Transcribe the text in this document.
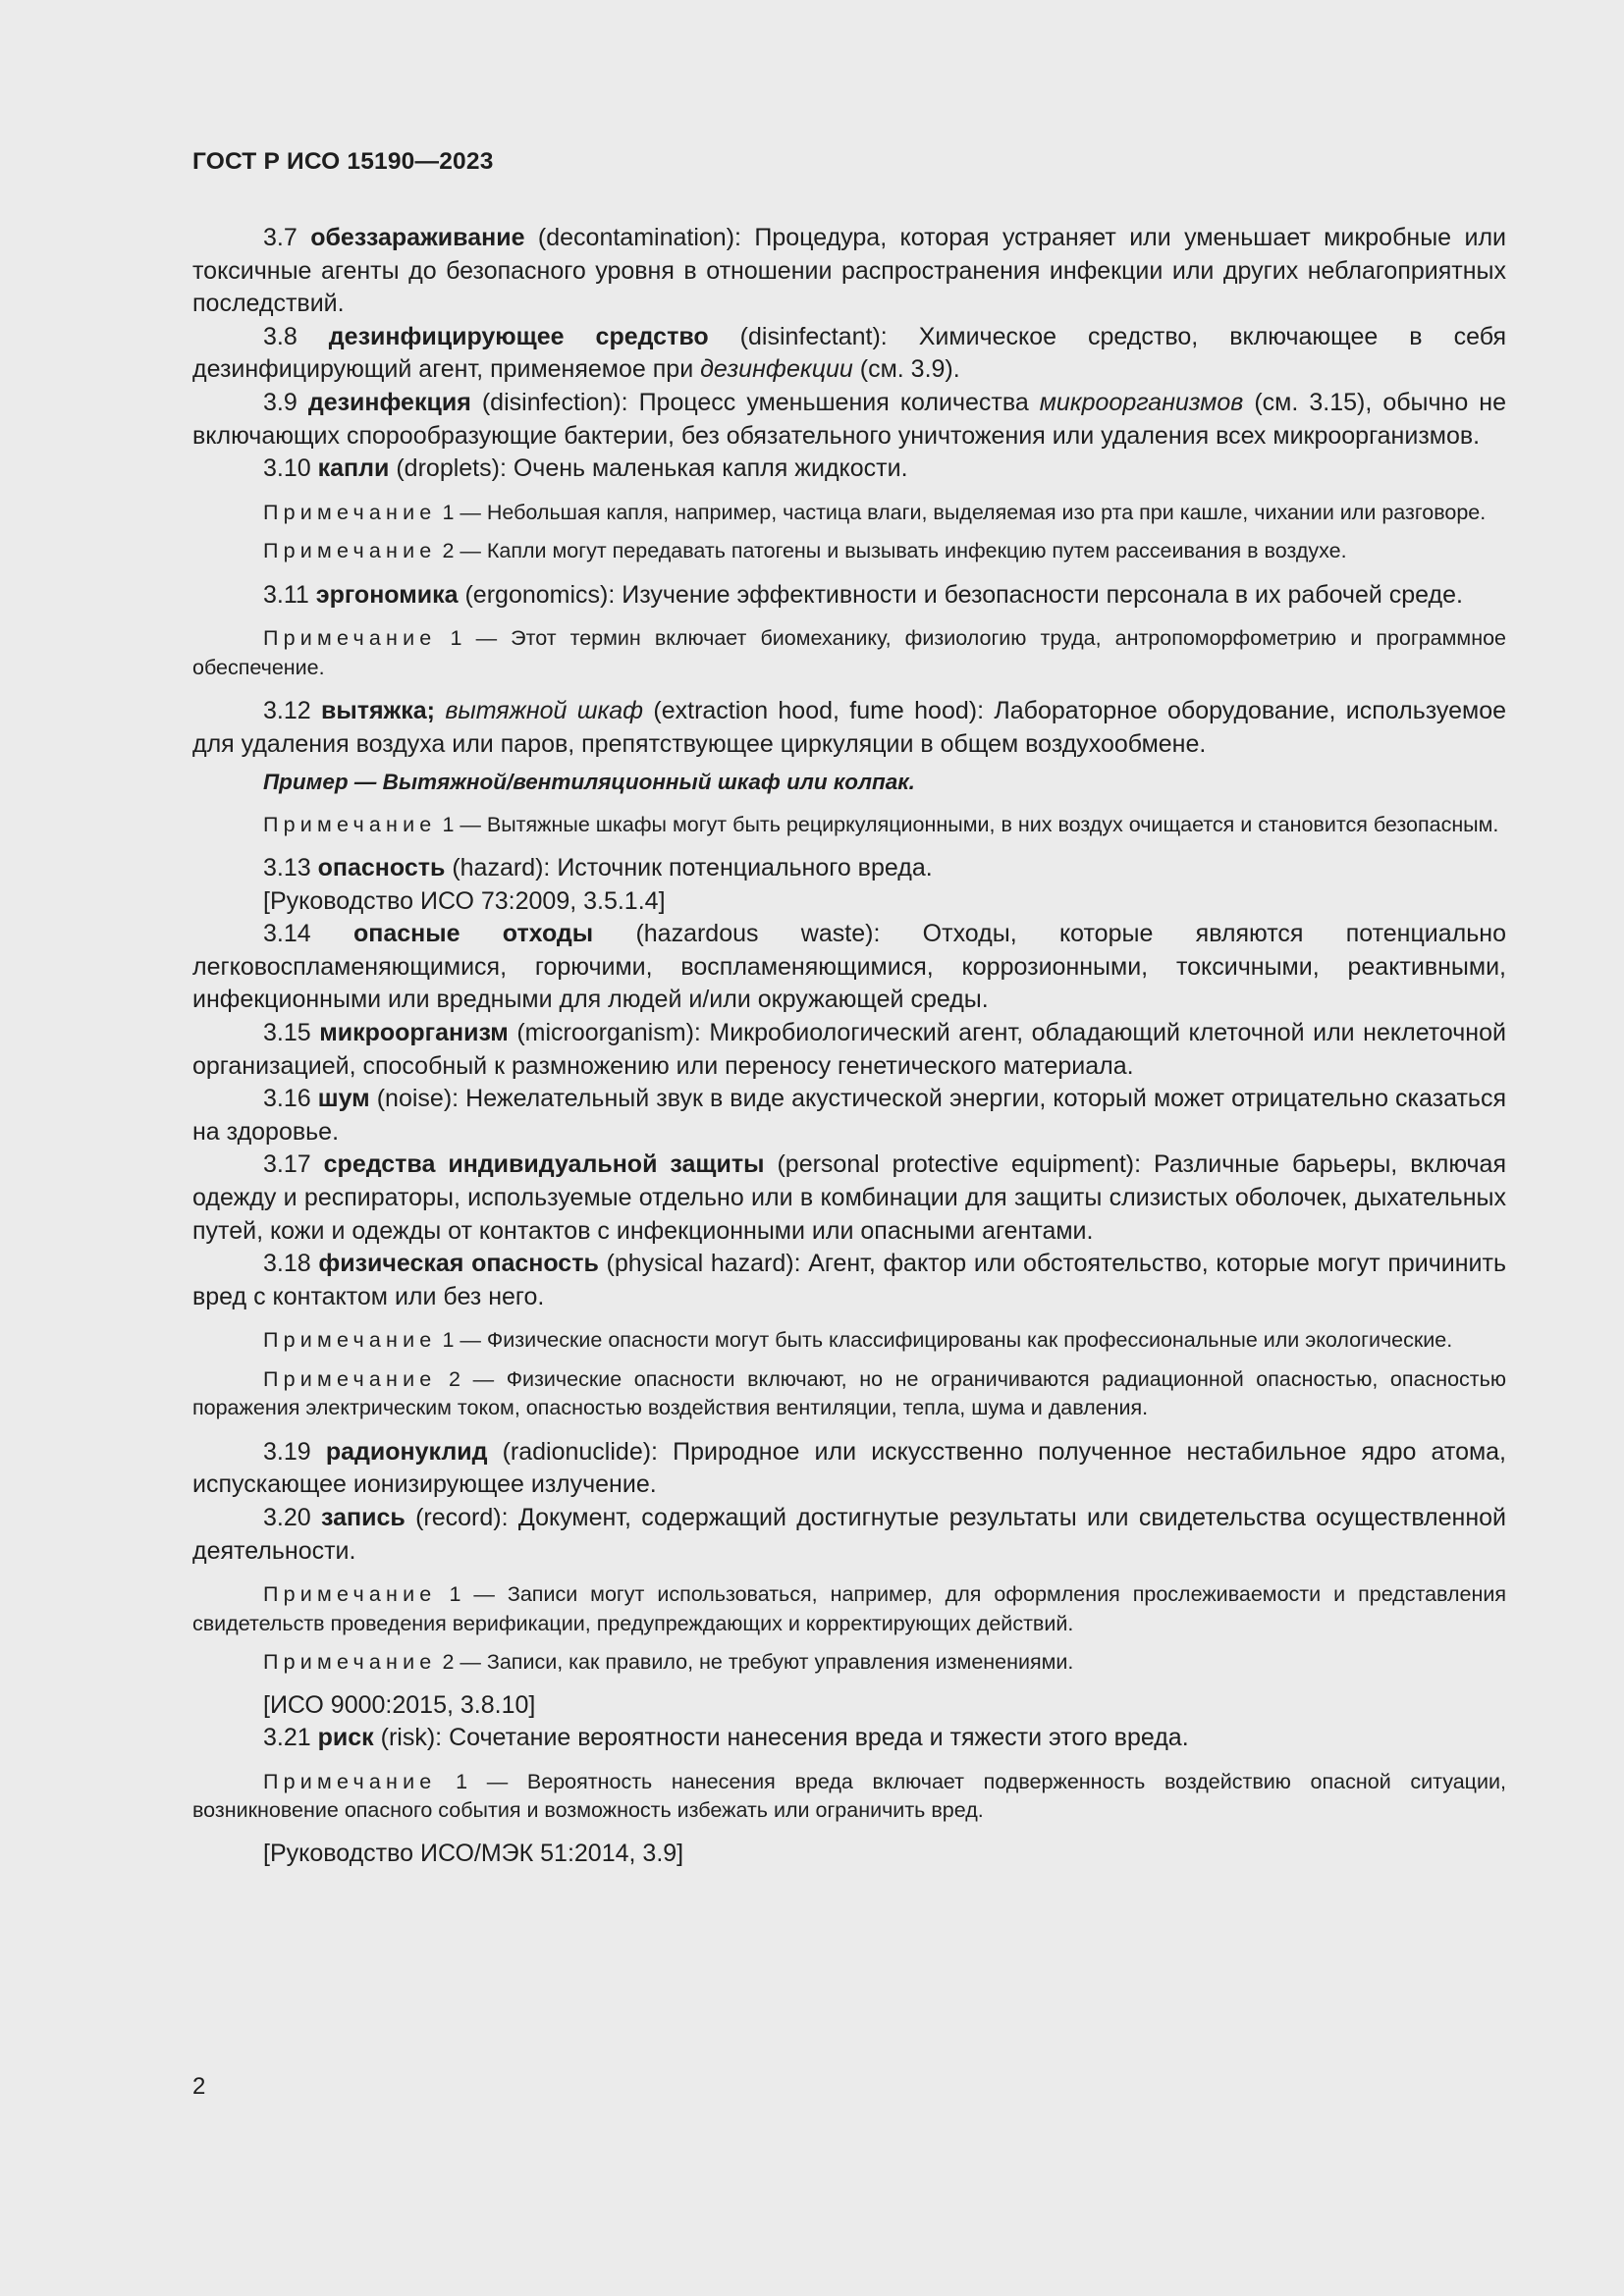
ГОСТ Р ИСО 15190—2023

3.7 обеззараживание (decontamination): Процедура, которая устраняет или уменьшает микробные или токсичные агенты до безопасного уровня в отношении распространения инфекции или других неблагоприятных последствий.

3.8 дезинфицирующее средство (disinfectant): Химическое средство, включающее в себя дезинфицирующий агент, применяемое при дезинфекции (см. 3.9).

3.9 дезинфекция (disinfection): Процесс уменьшения количества микроорганизмов (см. 3.15), обычно не включающих спорообразующие бактерии, без обязательного уничтожения или удаления всех микроорганизмов.

3.10 капли (droplets): Очень маленькая капля жидкости.

Примечание 1 — Небольшая капля, например, частица влаги, выделяемая изо рта при кашле, чихании или разговоре.

Примечание 2 — Капли могут передавать патогены и вызывать инфекцию путем рассеивания в воздухе.

3.11 эргономика (ergonomics): Изучение эффективности и безопасности персонала в их рабочей среде.

Примечание 1 — Этот термин включает биомеханику, физиологию труда, антропоморфометрию и программное обеспечение.

3.12 вытяжка; вытяжной шкаф (extraction hood, fume hood): Лабораторное оборудование, используемое для удаления воздуха или паров, препятствующее циркуляции в общем воздухообмене.

Пример — Вытяжной/вентиляционный шкаф или колпак.

Примечание 1 — Вытяжные шкафы могут быть рециркуляционными, в них воздух очищается и становится безопасным.

3.13 опасность (hazard): Источник потенциального вреда.

[Руководство ИСО 73:2009, 3.5.1.4]

3.14 опасные отходы (hazardous waste): Отходы, которые являются потенциально легковоспламеняющимися, горючими, воспламеняющимися, коррозионными, токсичными, реактивными, инфекционными или вредными для людей и/или окружающей среды.

3.15 микроорганизм (microorganism): Микробиологический агент, обладающий клеточной или неклеточной организацией, способный к размножению или переносу генетического материала.

3.16 шум (noise): Нежелательный звук в виде акустической энергии, который может отрицательно сказаться на здоровье.

3.17 средства индивидуальной защиты (personal protective equipment): Различные барьеры, включая одежду и респираторы, используемые отдельно или в комбинации для защиты слизистых оболочек, дыхательных путей, кожи и одежды от контактов с инфекционными или опасными агентами.

3.18 физическая опасность (physical hazard): Агент, фактор или обстоятельство, которые могут причинить вред с контактом или без него.

Примечание 1 — Физические опасности могут быть классифицированы как профессиональные или экологические.

Примечание 2 — Физические опасности включают, но не ограничиваются радиационной опасностью, опасностью поражения электрическим током, опасностью воздействия вентиляции, тепла, шума и давления.

3.19 радионуклид (radionuclide): Природное или искусственно полученное нестабильное ядро атома, испускающее ионизирующее излучение.

3.20 запись (record): Документ, содержащий достигнутые результаты или свидетельства осуществленной деятельности.

Примечание 1 — Записи могут использоваться, например, для оформления прослеживаемости и представления свидетельств проведения верификации, предупреждающих и корректирующих действий.

Примечание 2 — Записи, как правило, не требуют управления изменениями.

[ИСО 9000:2015, 3.8.10]

3.21 риск (risk): Сочетание вероятности нанесения вреда и тяжести этого вреда.

Примечание 1 — Вероятность нанесения вреда включает подверженность воздействию опасной ситуации, возникновение опасного события и возможность избежать или ограничить вред.

[Руководство ИСО/МЭК 51:2014, 3.9]

2
